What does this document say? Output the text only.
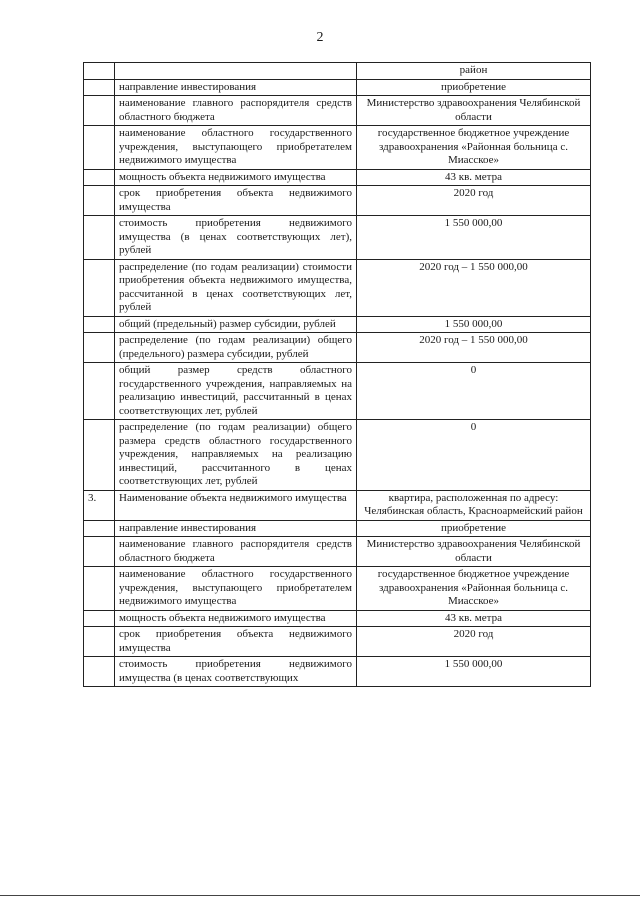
2
		район
	направление инвестирования	приобретение
	наименование главного распорядителя средств областного бюджета	Министерство здравоохранения Челябинской области
	наименование областного государственного учреждения, выступающего приобретателем недвижимого имущества	государственное бюджетное учреждение здравоохранения «Районная больница с. Миасское»
	мощность объекта недвижимого имущества	43 кв. метра
	срок приобретения объекта недвижимого имущества	2020 год
	стоимость приобретения недвижимого имущества (в ценах соответствующих лет), рублей	1 550 000,00
	распределение (по годам реализации) стоимости приобретения объекта недвижимого имущества, рассчитанной в ценах соответствующих лет, рублей	2020 год – 1 550 000,00
	общий (предельный) размер субсидии, рублей	1 550 000,00
	распределение (по годам реализации) общего (предельного) размера субсидии, рублей	2020 год – 1 550 000,00
	общий размер средств областного государственного учреждения, направляемых на реализацию инвестиций, рассчитанный в ценах соответствующих лет, рублей	0
	распределение (по годам реализации) общего размера средств областного государственного учреждения, направляемых на реализацию инвестиций, рассчитанного в ценах соответствующих лет, рублей	0
3.	Наименование объекта недвижимого имущества	квартира, расположенная по адресу: Челябинская область, Красноармейский район
	направление инвестирования	приобретение
	наименование главного распорядителя средств областного бюджета	Министерство здравоохранения Челябинской области
	наименование областного государственного учреждения, выступающего приобретателем недвижимого имущества	государственное бюджетное учреждение здравоохранения «Районная больница с. Миасское»
	мощность объекта недвижимого имущества	43 кв. метра
	срок приобретения объекта недвижимого имущества	2020 год
	стоимость приобретения недвижимого имущества (в ценах соответствующих	1 550 000,00
